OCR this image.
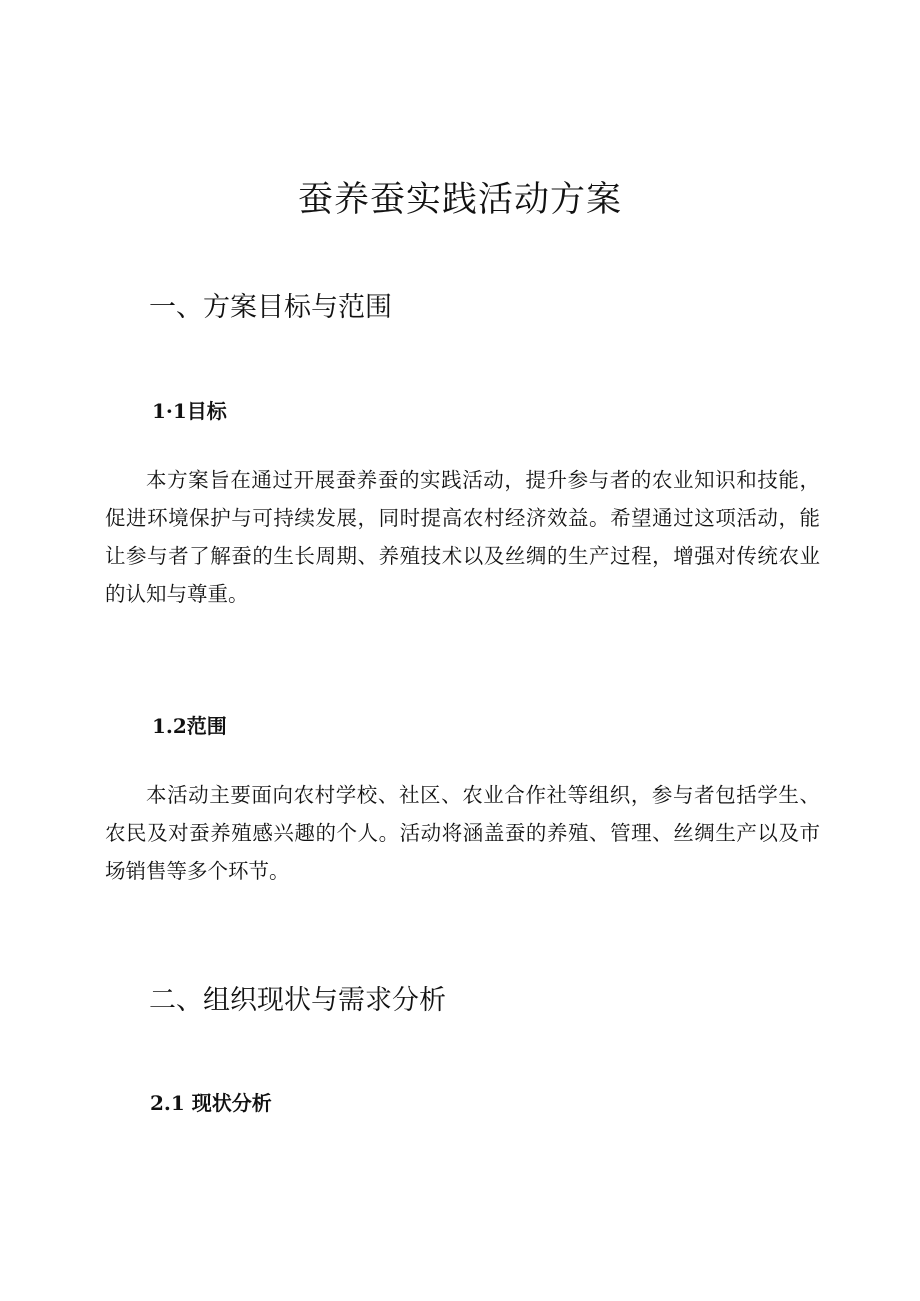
蚕养蚕实践活动方案
一、方案目标与范围
1·1目标

本方案旨在通过开展蚕养蚕的实践活动，提升参与者的农业知识和技能，促进环境保护与可持续发展，同时提高农村经济效益。希望通过这项活动，能让参与者了解蚕的生长周期、养殖技术以及丝绸的生产过程，增强对传统农业的认知与尊重。

1.2范围

本活动主要面向农村学校、社区、农业合作社等组织，参与者包括学生、农民及对蚕养殖感兴趣的个人。活动将涵盖蚕的养殖、管理、丝绸生产以及市场销售等多个环节。

二、组织现状与需求分析
2.1 现状分析
